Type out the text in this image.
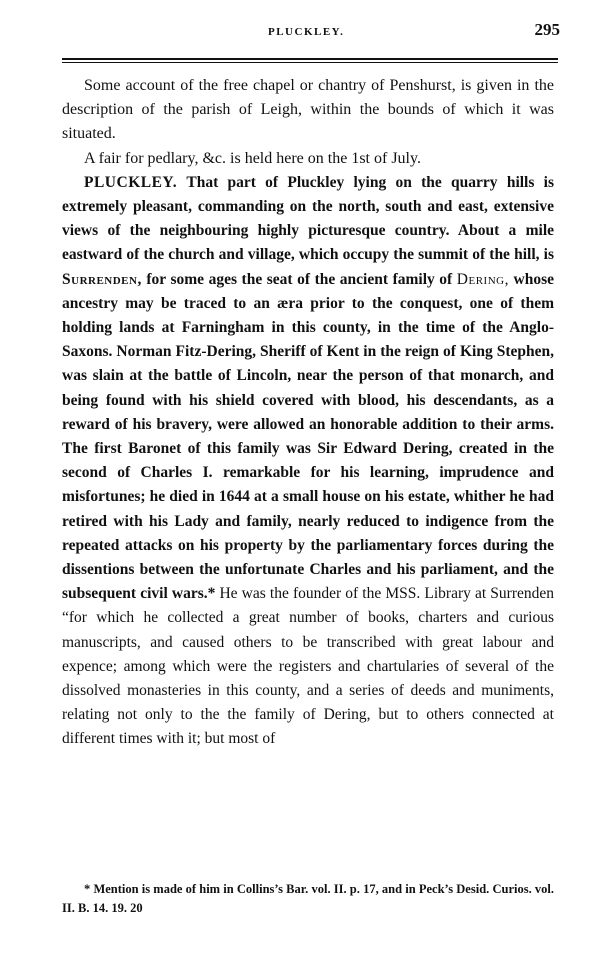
PLUCKLEY.	295

Some account of the free chapel or chantry of Penshurst, is given in the description of the parish of Leigh, within the bounds of which it was situated.

A fair for pedlary, &c. is held here on the 1st of July.

PLUCKLEY. That part of Pluckley lying on the quarry hills is extremely pleasant, commanding on the north, south and east, extensive views of the neighbouring highly picturesque country. About a mile eastward of the church and village, which occupy the summit of the hill, is Surrenden, for some ages the seat of the ancient family of Dering, whose ancestry may be traced to an æra prior to the conquest, one of them holding lands at Farningham in this county, in the time of the Anglo-Saxons. Norman Fitz-Dering, Sheriff of Kent in the reign of King Stephen, was slain at the battle of Lincoln, near the person of that monarch, and being found with his shield covered with blood, his descendants, as a reward of his bravery, were allowed an honorable addition to their arms. The first Baronet of this family was Sir Edward Dering, created in the second of Charles I. remarkable for his learning, imprudence and misfortunes; he died in 1644 at a small house on his estate, whither he had retired with his Lady and family, nearly reduced to indigence from the repeated attacks on his property by the parliamentary forces during the dissentions between the unfortunate Charles and his parliament, and the subsequent civil wars.* He was the founder of the MSS. Library at Surrenden “for which he collected a great number of books, charters and curious manuscripts, and caused others to be transcribed with great labour and expence; among which were the registers and chartularies of several of the dissolved monasteries in this county, and a series of deeds and muniments, relating not only to the the family of Dering, but to others connected at different times with it; but most of

* Mention is made of him in Collins’s Bar. vol. II. p. 17, and in Peck’s Desid. Curios. vol. II. B. 14. 19. 20
